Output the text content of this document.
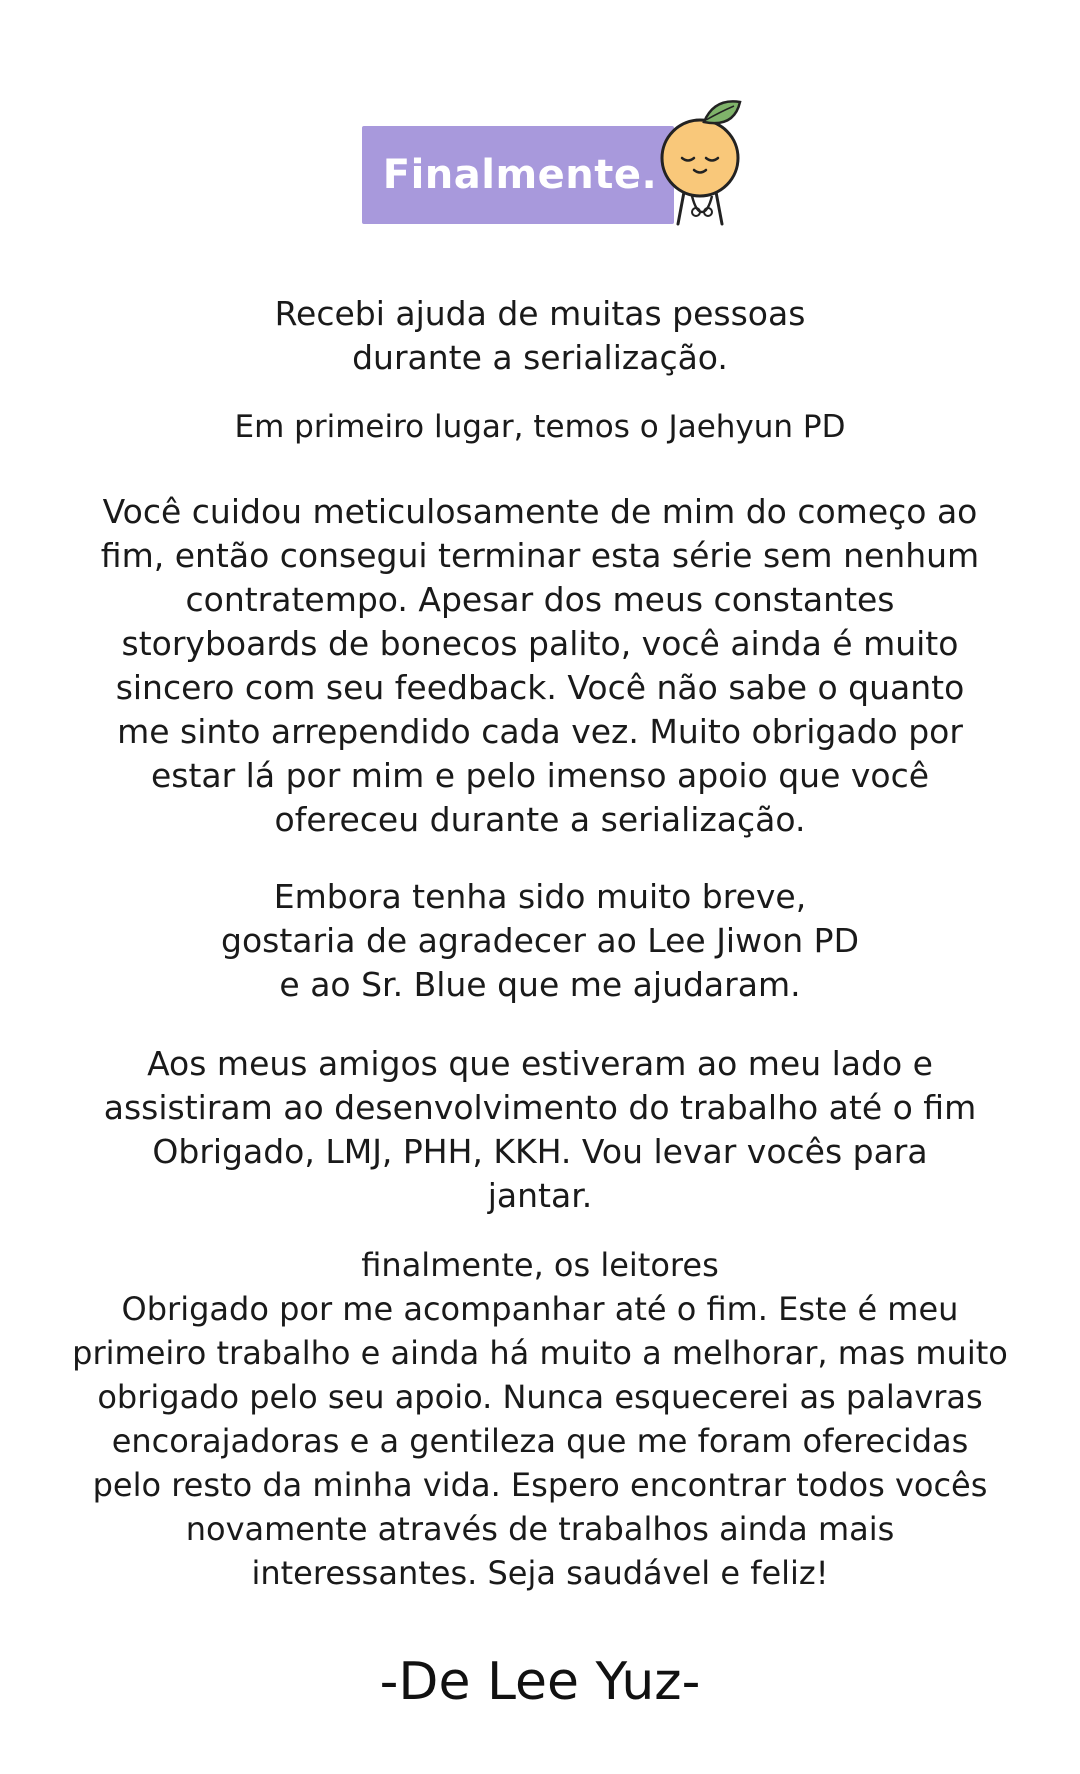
Finalmente.
Recebi ajuda de muitas pessoas
durante a serialização.
Em primeiro lugar, temos o Jaehyun PD
Você cuidou meticulosamente de mim do começo ao
fim, então consegui terminar esta série sem nenhum
contratempo. Apesar dos meus constantes
storyboards de bonecos palito, você ainda é muito
sincero com seu feedback. Você não sabe o quanto
me sinto arrependido cada vez. Muito obrigado por
estar lá por mim e pelo imenso apoio que você
ofereceu durante a serialização.
Embora tenha sido muito breve,
gostaria de agradecer ao Lee Jiwon PD
e ao Sr. Blue que me ajudaram.
Aos meus amigos que estiveram ao meu lado e
assistiram ao desenvolvimento do trabalho até o fim
Obrigado, LMJ, PHH, KKH. Vou levar vocês para
jantar.
finalmente, os leitores
Obrigado por me acompanhar até o fim. Este é meu
primeiro trabalho e ainda há muito a melhorar, mas muito
obrigado pelo seu apoio. Nunca esquecerei as palavras
encorajadoras e a gentileza que me foram oferecidas
pelo resto da minha vida. Espero encontrar todos vocês
novamente através de trabalhos ainda mais
interessantes. Seja saudável e feliz!
-De Lee Yuz-
